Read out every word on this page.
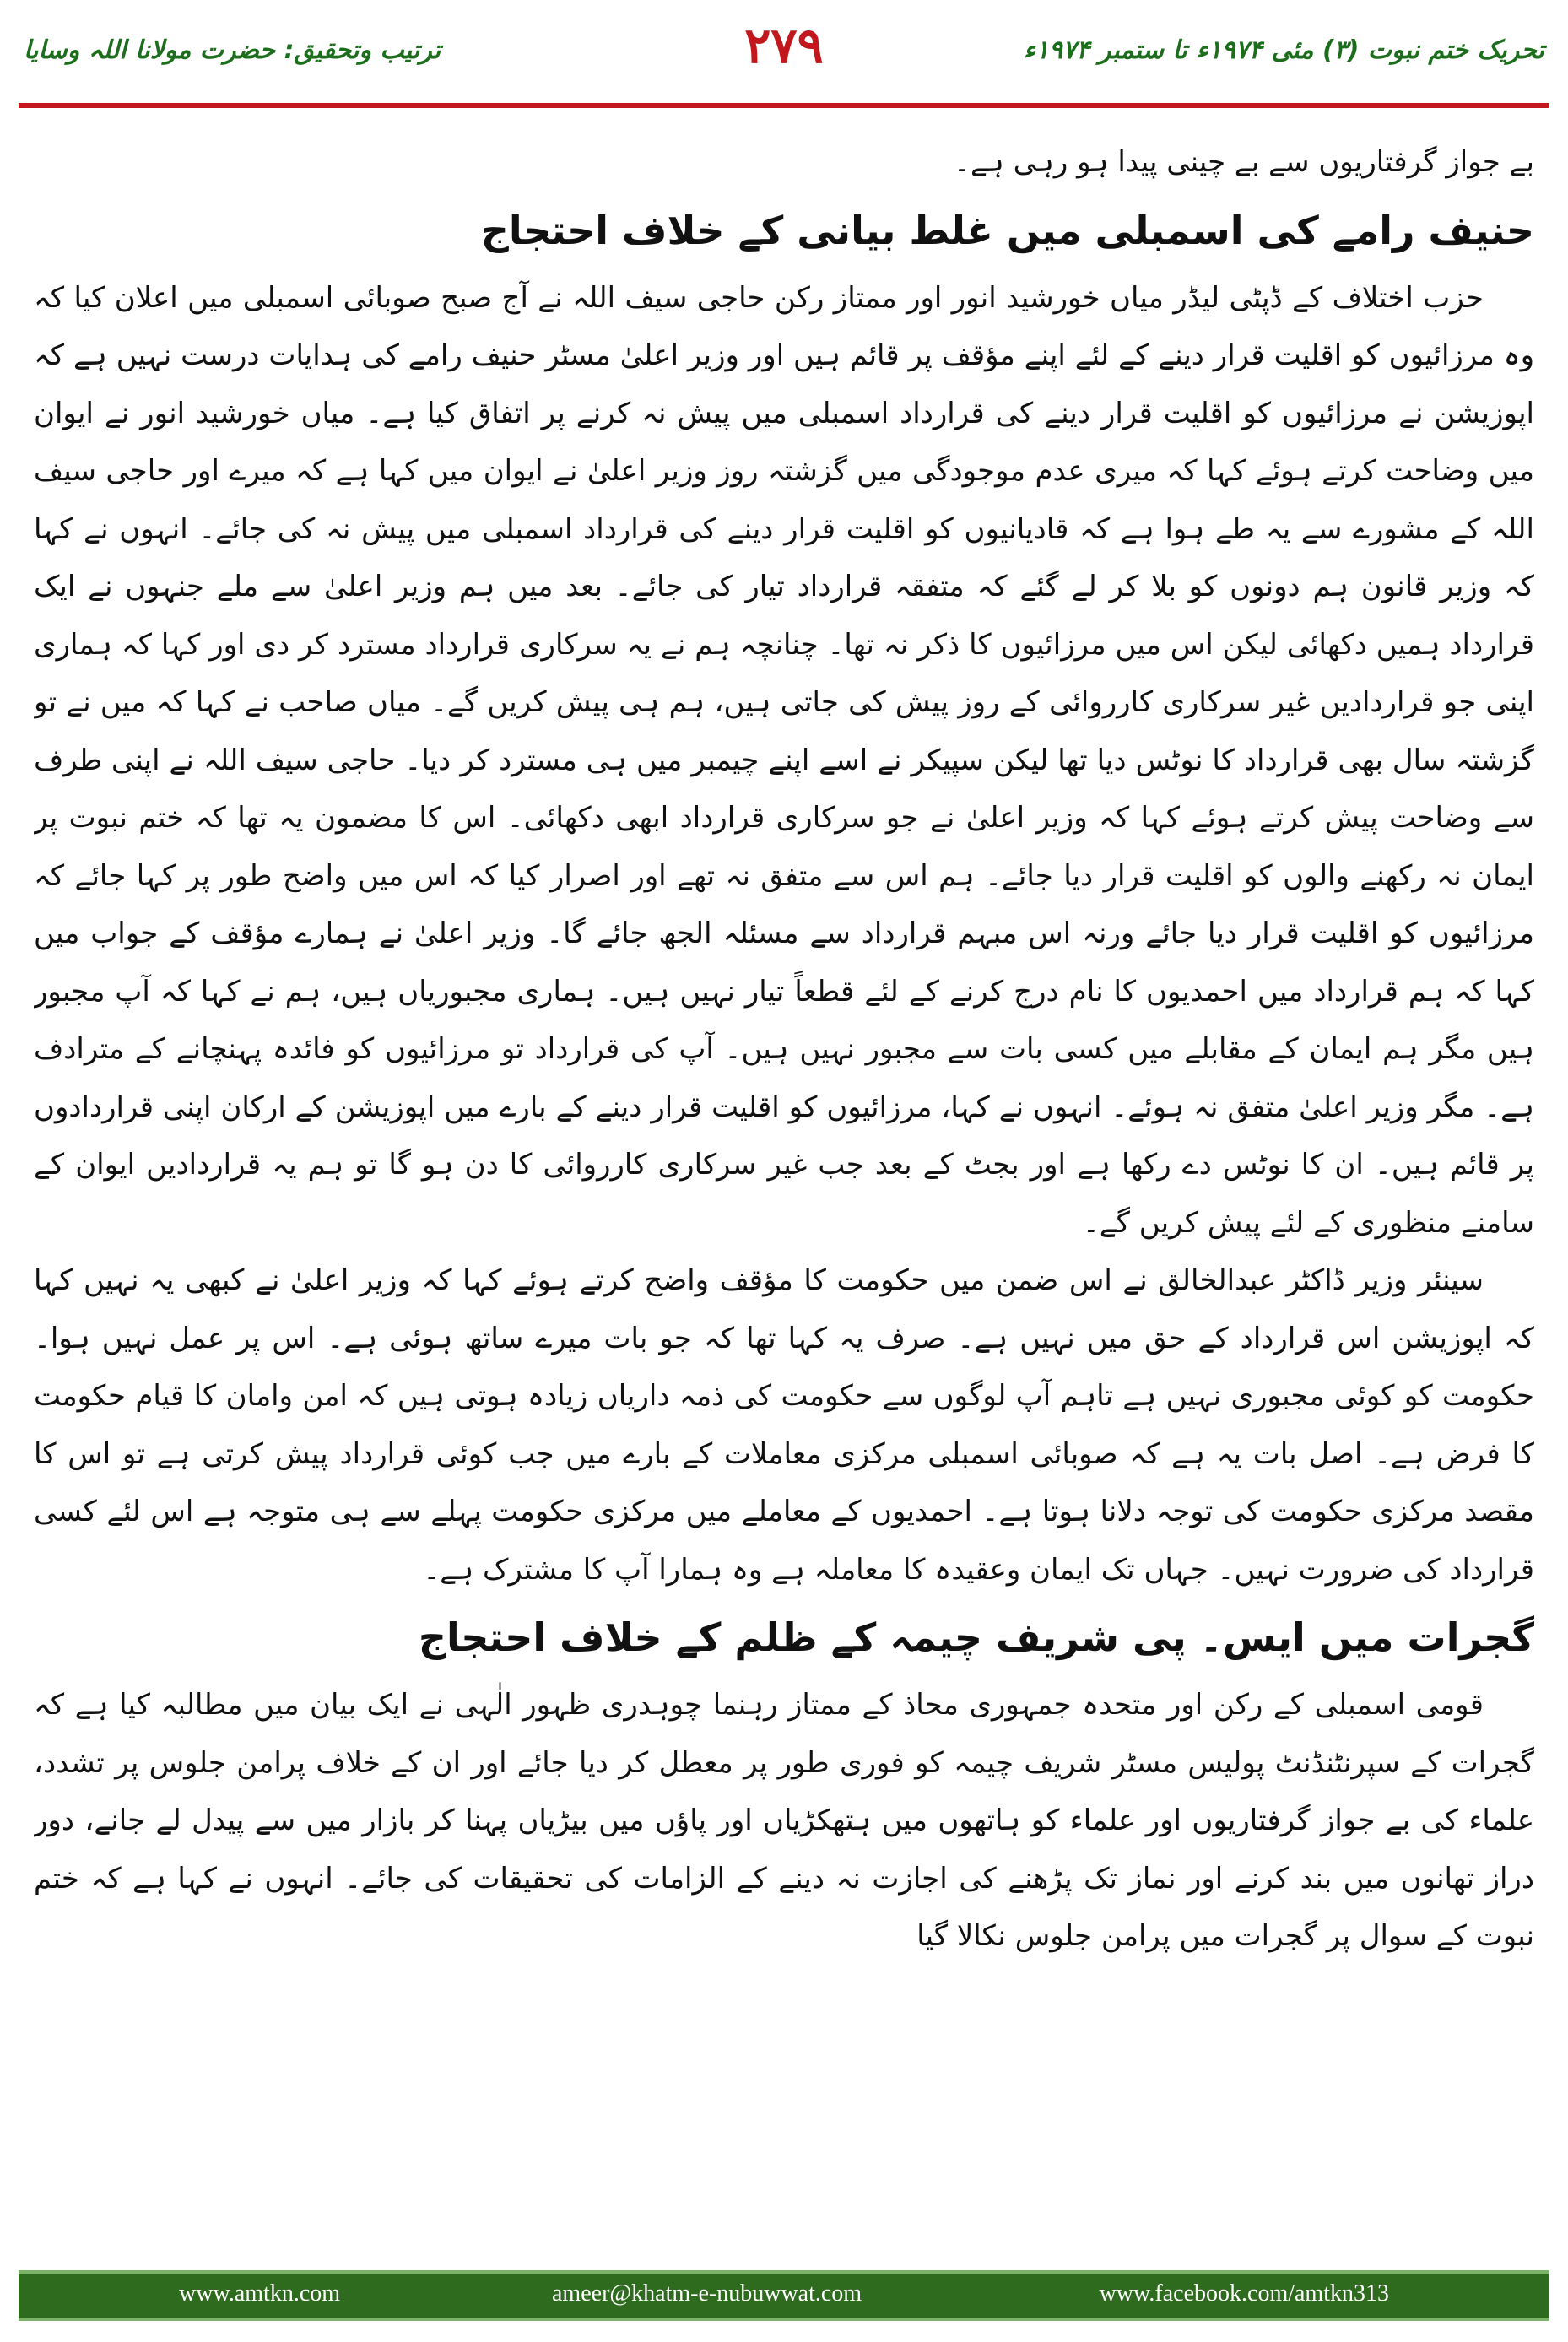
تحریک ختم نبوت (۳) مئی ۱۹۷۴ء تا ستمبر ۱۹۷۴ء
۲۷۹
ترتیب وتحقیق: حضرت مولانا اللہ وسایا

بے جواز گرفتاریوں سے بے چینی پیدا ہو رہی ہے۔

حنیف رامے کی اسمبلی میں غلط بیانی کے خلاف احتجاج

حزب اختلاف کے ڈپٹی لیڈر میاں خورشید انور اور ممتاز رکن حاجی سیف اللہ نے آج صبح صوبائی اسمبلی میں اعلان کیا کہ وہ مرزائیوں کو اقلیت قرار دینے کے لئے اپنے مؤقف پر قائم ہیں اور وزیر اعلیٰ مسٹر حنیف رامے کی ہدایات درست نہیں ہے کہ اپوزیشن نے مرزائیوں کو اقلیت قرار دینے کی قرارداد اسمبلی میں پیش نہ کرنے پر اتفاق کیا ہے۔ میاں خورشید انور نے ایوان میں وضاحت کرتے ہوئے کہا کہ میری عدم موجودگی میں گزشتہ روز وزیر اعلیٰ نے ایوان میں کہا ہے کہ میرے اور حاجی سیف اللہ کے مشورے سے یہ طے ہوا ہے کہ قادیانیوں کو اقلیت قرار دینے کی قرارداد اسمبلی میں پیش نہ کی جائے۔ انہوں نے کہا کہ وزیر قانون ہم دونوں کو بلا کر لے گئے کہ متفقہ قرارداد تیار کی جائے۔ بعد میں ہم وزیر اعلیٰ سے ملے جنہوں نے ایک قرارداد ہمیں دکھائی لیکن اس میں مرزائیوں کا ذکر نہ تھا۔ چنانچہ ہم نے یہ سرکاری قرارداد مسترد کر دی اور کہا کہ ہماری اپنی جو قراردادیں غیر سرکاری کارروائی کے روز پیش کی جاتی ہیں، ہم ہی پیش کریں گے۔ میاں صاحب نے کہا کہ میں نے تو گزشتہ سال بھی قرارداد کا نوٹس دیا تھا لیکن سپیکر نے اسے اپنے چیمبر میں ہی مسترد کر دیا۔ حاجی سیف اللہ نے اپنی طرف سے وضاحت پیش کرتے ہوئے کہا کہ وزیر اعلیٰ نے جو سرکاری قرارداد ابھی دکھائی۔ اس کا مضمون یہ تھا کہ ختم نبوت پر ایمان نہ رکھنے والوں کو اقلیت قرار دیا جائے۔ ہم اس سے متفق نہ تھے اور اصرار کیا کہ اس میں واضح طور پر کہا جائے کہ مرزائیوں کو اقلیت قرار دیا جائے ورنہ اس مبہم قرارداد سے مسئلہ الجھ جائے گا۔ وزیر اعلیٰ نے ہمارے مؤقف کے جواب میں کہا کہ ہم قرارداد میں احمدیوں کا نام درج کرنے کے لئے قطعاً تیار نہیں ہیں۔ ہماری مجبوریاں ہیں، ہم نے کہا کہ آپ مجبور ہیں مگر ہم ایمان کے مقابلے میں کسی بات سے مجبور نہیں ہیں۔ آپ کی قرارداد تو مرزائیوں کو فائدہ پہنچانے کے مترادف ہے۔ مگر وزیر اعلیٰ متفق نہ ہوئے۔ انہوں نے کہا، مرزائیوں کو اقلیت قرار دینے کے بارے میں اپوزیشن کے ارکان اپنی قراردادوں پر قائم ہیں۔ ان کا نوٹس دے رکھا ہے اور بجٹ کے بعد جب غیر سرکاری کارروائی کا دن ہو گا تو ہم یہ قراردادیں ایوان کے سامنے منظوری کے لئے پیش کریں گے۔

سینئر وزیر ڈاکٹر عبدالخالق نے اس ضمن میں حکومت کا مؤقف واضح کرتے ہوئے کہا کہ وزیر اعلیٰ نے کبھی یہ نہیں کہا کہ اپوزیشن اس قرارداد کے حق میں نہیں ہے۔ صرف یہ کہا تھا کہ جو بات میرے ساتھ ہوئی ہے۔ اس پر عمل نہیں ہوا۔ حکومت کو کوئی مجبوری نہیں ہے تاہم آپ لوگوں سے حکومت کی ذمہ داریاں زیادہ ہوتی ہیں کہ امن وامان کا قیام حکومت کا فرض ہے۔ اصل بات یہ ہے کہ صوبائی اسمبلی مرکزی معاملات کے بارے میں جب کوئی قرارداد پیش کرتی ہے تو اس کا مقصد مرکزی حکومت کی توجہ دلانا ہوتا ہے۔ احمدیوں کے معاملے میں مرکزی حکومت پہلے سے ہی متوجہ ہے اس لئے کسی قرارداد کی ضرورت نہیں۔ جہاں تک ایمان وعقیدہ کا معاملہ ہے وہ ہمارا آپ کا مشترک ہے۔

گجرات میں ایس۔ پی شریف چیمہ کے ظلم کے خلاف احتجاج

قومی اسمبلی کے رکن اور متحدہ جمہوری محاذ کے ممتاز رہنما چوہدری ظہور الٰہی نے ایک بیان میں مطالبہ کیا ہے کہ گجرات کے سپرنٹنڈنٹ پولیس مسٹر شریف چیمہ کو فوری طور پر معطل کر دیا جائے اور ان کے خلاف پرامن جلوس پر تشدد، علماء کی بے جواز گرفتاریوں اور علماء کو ہاتھوں میں ہتھکڑیاں اور پاؤں میں بیڑیاں پہنا کر بازار میں سے پیدل لے جانے، دور دراز تھانوں میں بند کرنے اور نماز تک پڑھنے کی اجازت نہ دینے کے الزامات کی تحقیقات کی جائے۔ انہوں نے کہا ہے کہ ختم نبوت کے سوال پر گجرات میں پرامن جلوس نکالا گیا

www.amtkn.com	ameer@khatm-e-nubuwwat.com	www.facebook.com/amtkn313
